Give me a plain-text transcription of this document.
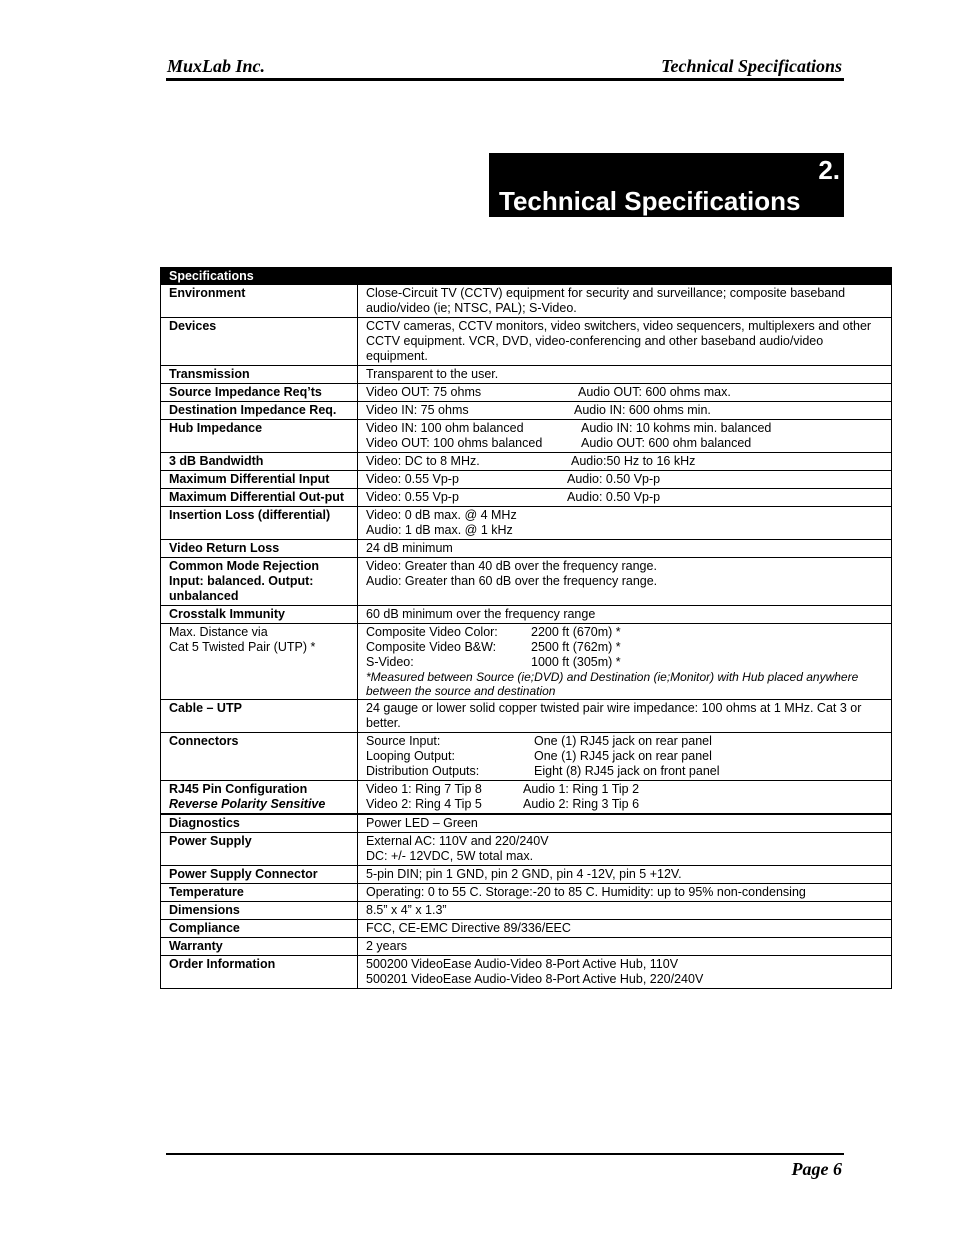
MuxLab Inc.	Technical Specifications
2.
Technical Specifications
Specifications	

Environment	Close-Circuit TV (CCTV) equipment for security and surveillance; composite baseband audio/video (ie; NTSC, PAL); S-Video.

Devices	CCTV cameras, CCTV monitors, video switchers, video sequencers, multiplexers and other CCTV equipment. VCR, DVD, video-conferencing and other baseband audio/video equipment.

Transmission	Transparent to the user.

Source Impedance Req’ts	Video OUT: 75 ohms Audio OUT: 600 ohms max.

Destination Impedance Req.	Video IN: 75 ohms Audio IN: 600 ohms min.

Hub Impedance	Video IN: 100 ohm balanced Audio IN: 10 kohms min. balanced
Video OUT: 100 ohms balanced Audio OUT: 600 ohm balanced

3 dB Bandwidth	Video: DC to 8 MHz. Audio:50 Hz to 16 kHz

Maximum Differential Input	Video: 0.55 Vp-p Audio: 0.50 Vp-p

Maximum Differential Out-put	Video: 0.55 Vp-p Audio: 0.50 Vp-p

Insertion Loss (differential)	Video: 0 dB max. @ 4 MHz
Audio: 1 dB max. @ 1 kHz

Video Return Loss	24 dB minimum

Common Mode Rejection Input: balanced. Output: unbalanced	Video: Greater than 40 dB over the frequency range.
Audio: Greater than 60 dB over the frequency range.

Crosstalk Immunity	60 dB minimum over the frequency range

Max. Distance via
Cat 5 Twisted Pair (UTP) *	Composite Video Color: 2200 ft (670m) *
Composite Video B&W: 2500 ft (762m) *
S-Video: 1000 ft (305m) *
*Measured between Source (ie;DVD) and Destination (ie;Monitor) with Hub placed anywhere between the source and destination

Cable – UTP	24 gauge or lower solid copper twisted pair wire impedance: 100 ohms at 1 MHz. Cat 3 or better.

Connectors	Source Input: One (1) RJ45 jack on rear panel
Looping Output: One (1) RJ45 jack on rear panel
Distribution Outputs: Eight (8) RJ45 jack on front panel

RJ45 Pin Configuration
Reverse Polarity Sensitive	Video 1: Ring 7 Tip 8 Audio 1: Ring 1 Tip 2
Video 2: Ring 4 Tip 5 Audio 2: Ring 3 Tip 6

Diagnostics	Power LED – Green

Power Supply	External AC: 110V and 220/240V
DC: +/- 12VDC, 5W total max.

Power Supply Connector	5-pin DIN; pin 1 GND, pin 2 GND, pin 4 -12V, pin 5 +12V.

Temperature	Operating: 0 to 55 C. Storage:-20 to 85 C. Humidity: up to 95% non-condensing

Dimensions	8.5” x 4” x 1.3”

Compliance	FCC, CE-EMC Directive 89/336/EEC

Warranty	2 years

Order Information	500200 VideoEase Audio-Video 8-Port Active Hub, 110V
500201 VideoEase Audio-Video 8-Port Active Hub, 220/240V
Page 6
